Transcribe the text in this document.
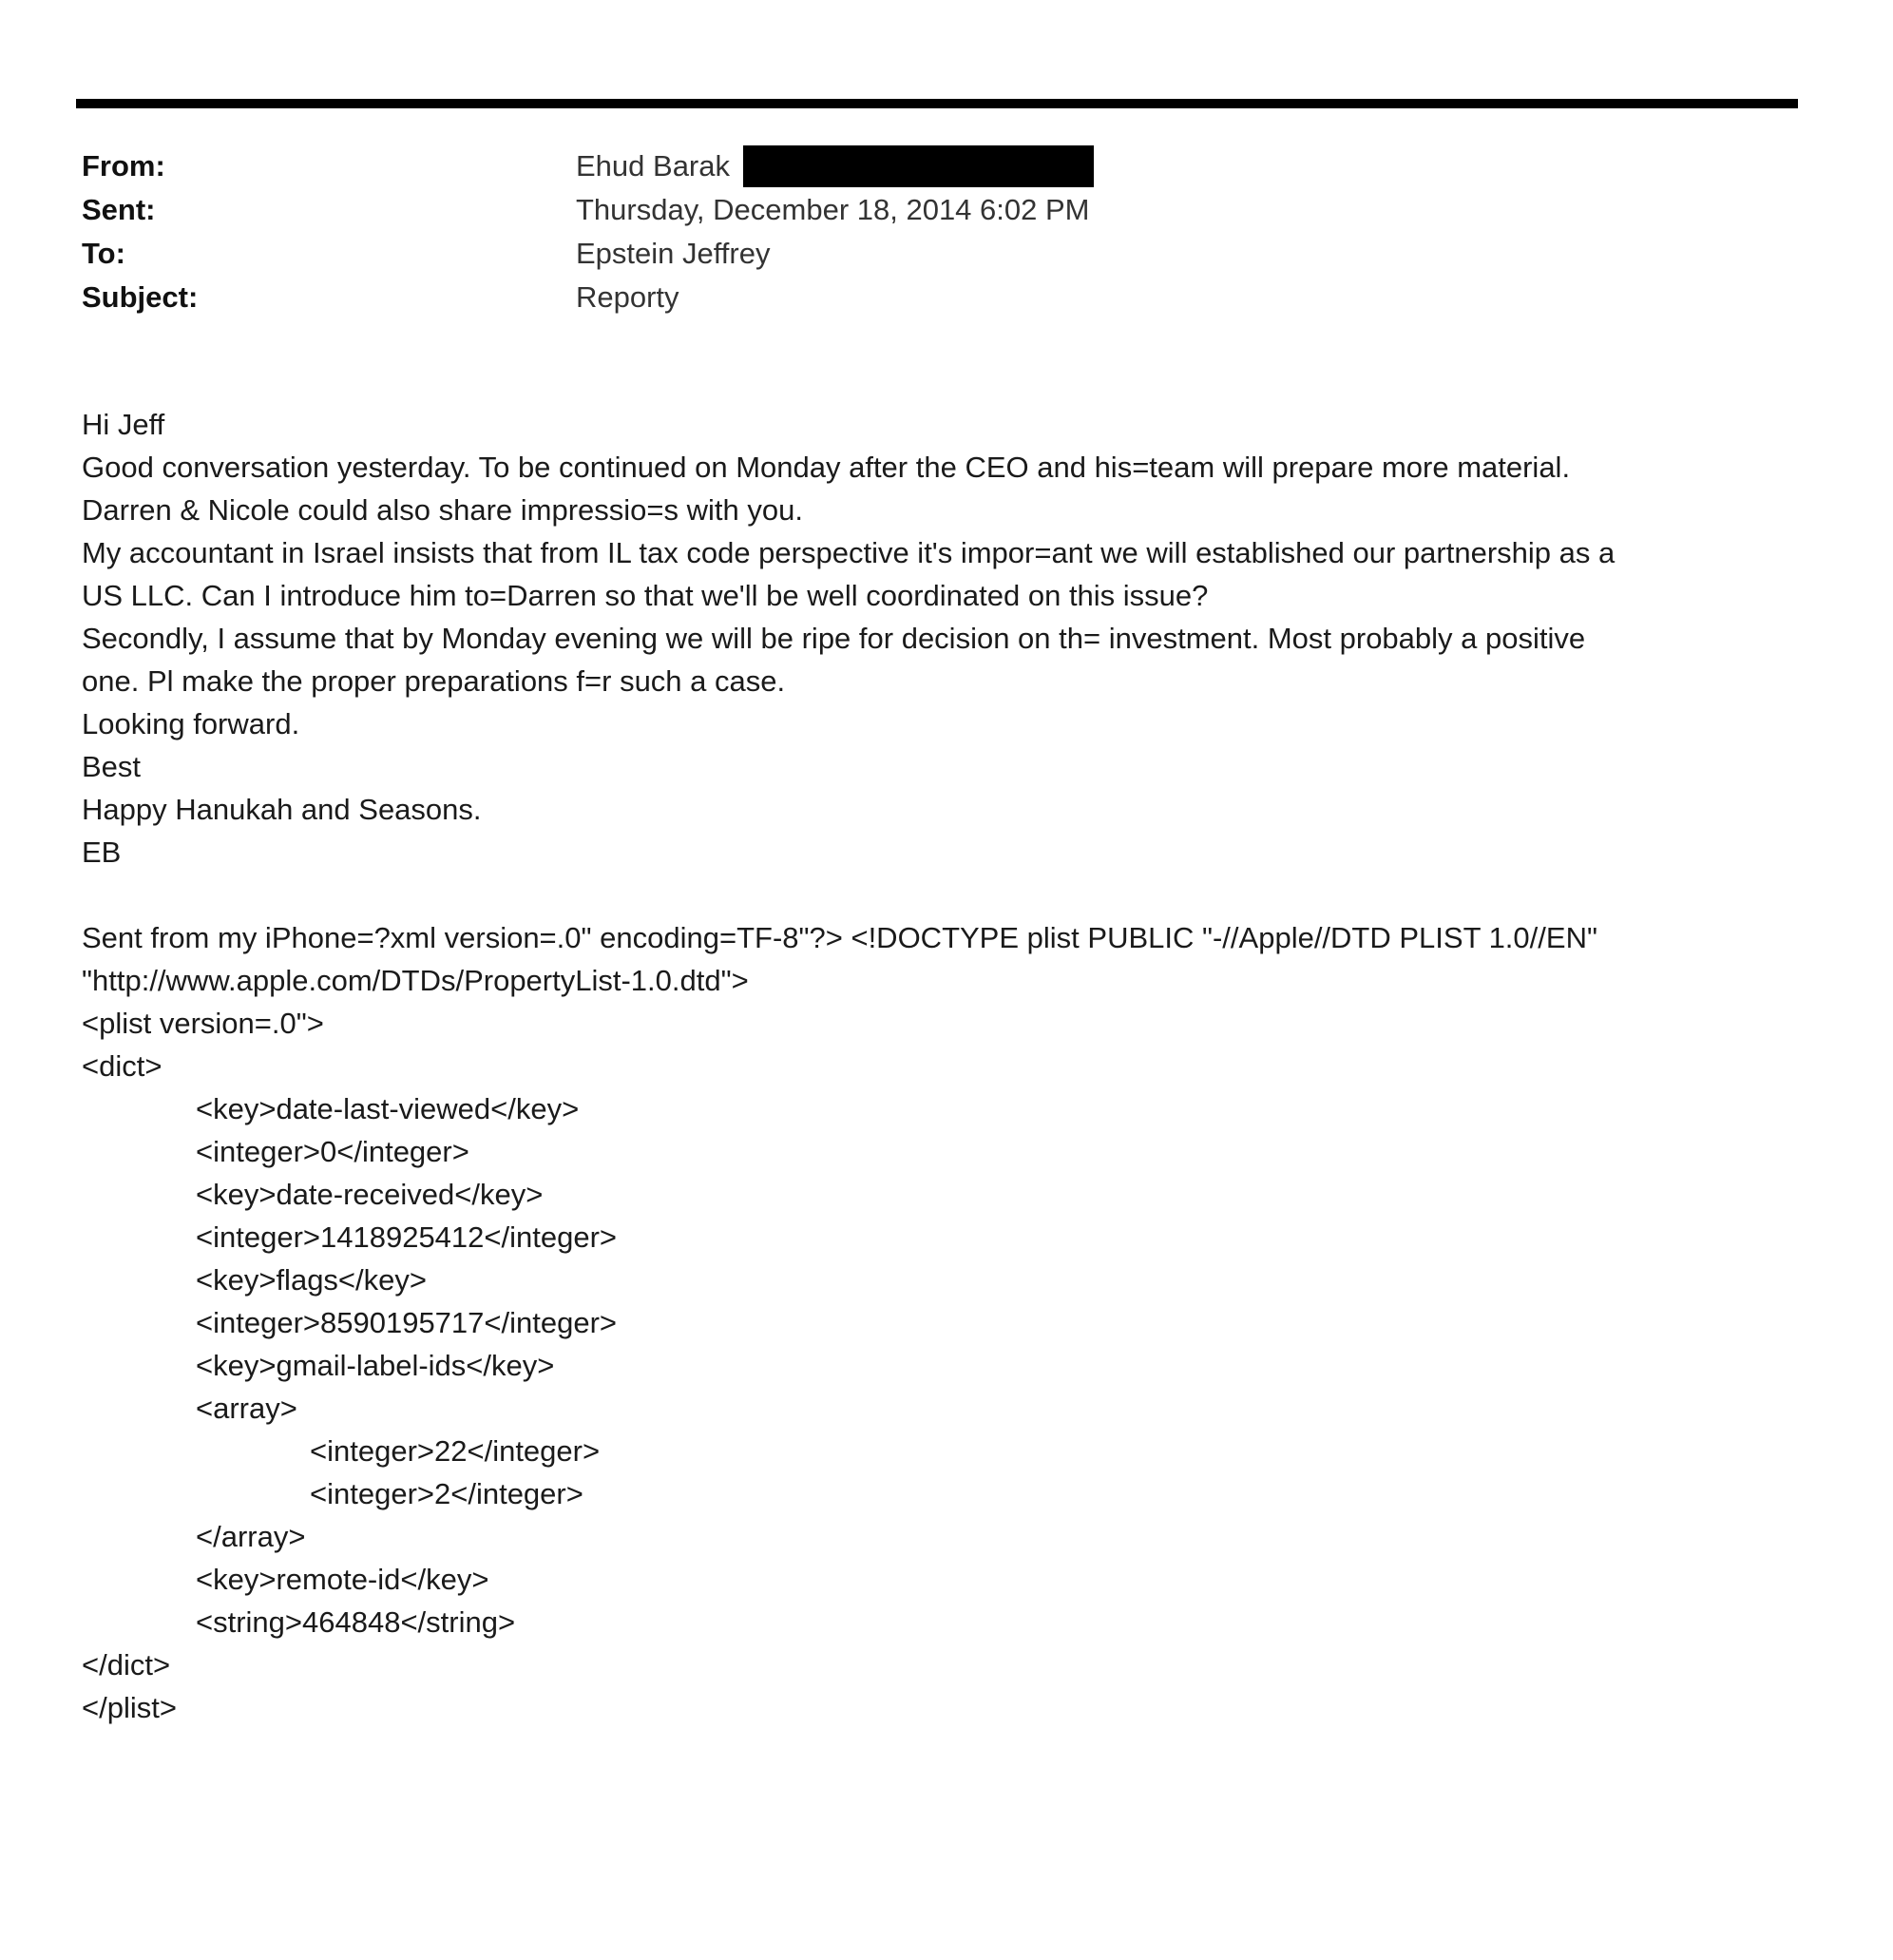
From:	Ehud Barak
Sent:	Thursday, December 18, 2014 6:02 PM
To:	Epstein Jeffrey
Subject:	Reporty

Hi Jeff

Good conversation yesterday. To be continued on Monday after the CEO and his=team will prepare more material.

Darren & Nicole could also share impressio=s with you.

My accountant in Israel insists that from IL tax code perspective it's impor=ant we will established our partnership as a

US LLC. Can I introduce him to=Darren so that we'll be well coordinated on this issue?

Secondly, I assume that by Monday evening we will be ripe for decision on th= investment. Most probably a positive

one. Pl make the proper preparations f=r such a case.

Looking forward.

Best

Happy Hanukah and Seasons.

EB

Sent from my iPhone=?xml version=.0" encoding=TF-8"?> <!DOCTYPE plist PUBLIC "-//Apple//DTD PLIST 1.0//EN"

"http://www.apple.com/DTDs/PropertyList-1.0.dtd">

<plist version=.0">

<dict>

<key>date-last-viewed</key>

<integer>0</integer>

<key>date-received</key>

<integer>1418925412</integer>

<key>flags</key>

<integer>8590195717</integer>

<key>gmail-label-ids</key>

<array>

<integer>22</integer>

<integer>2</integer>

</array>

<key>remote-id</key>

<string>464848</string>

</dict>

</plist>
